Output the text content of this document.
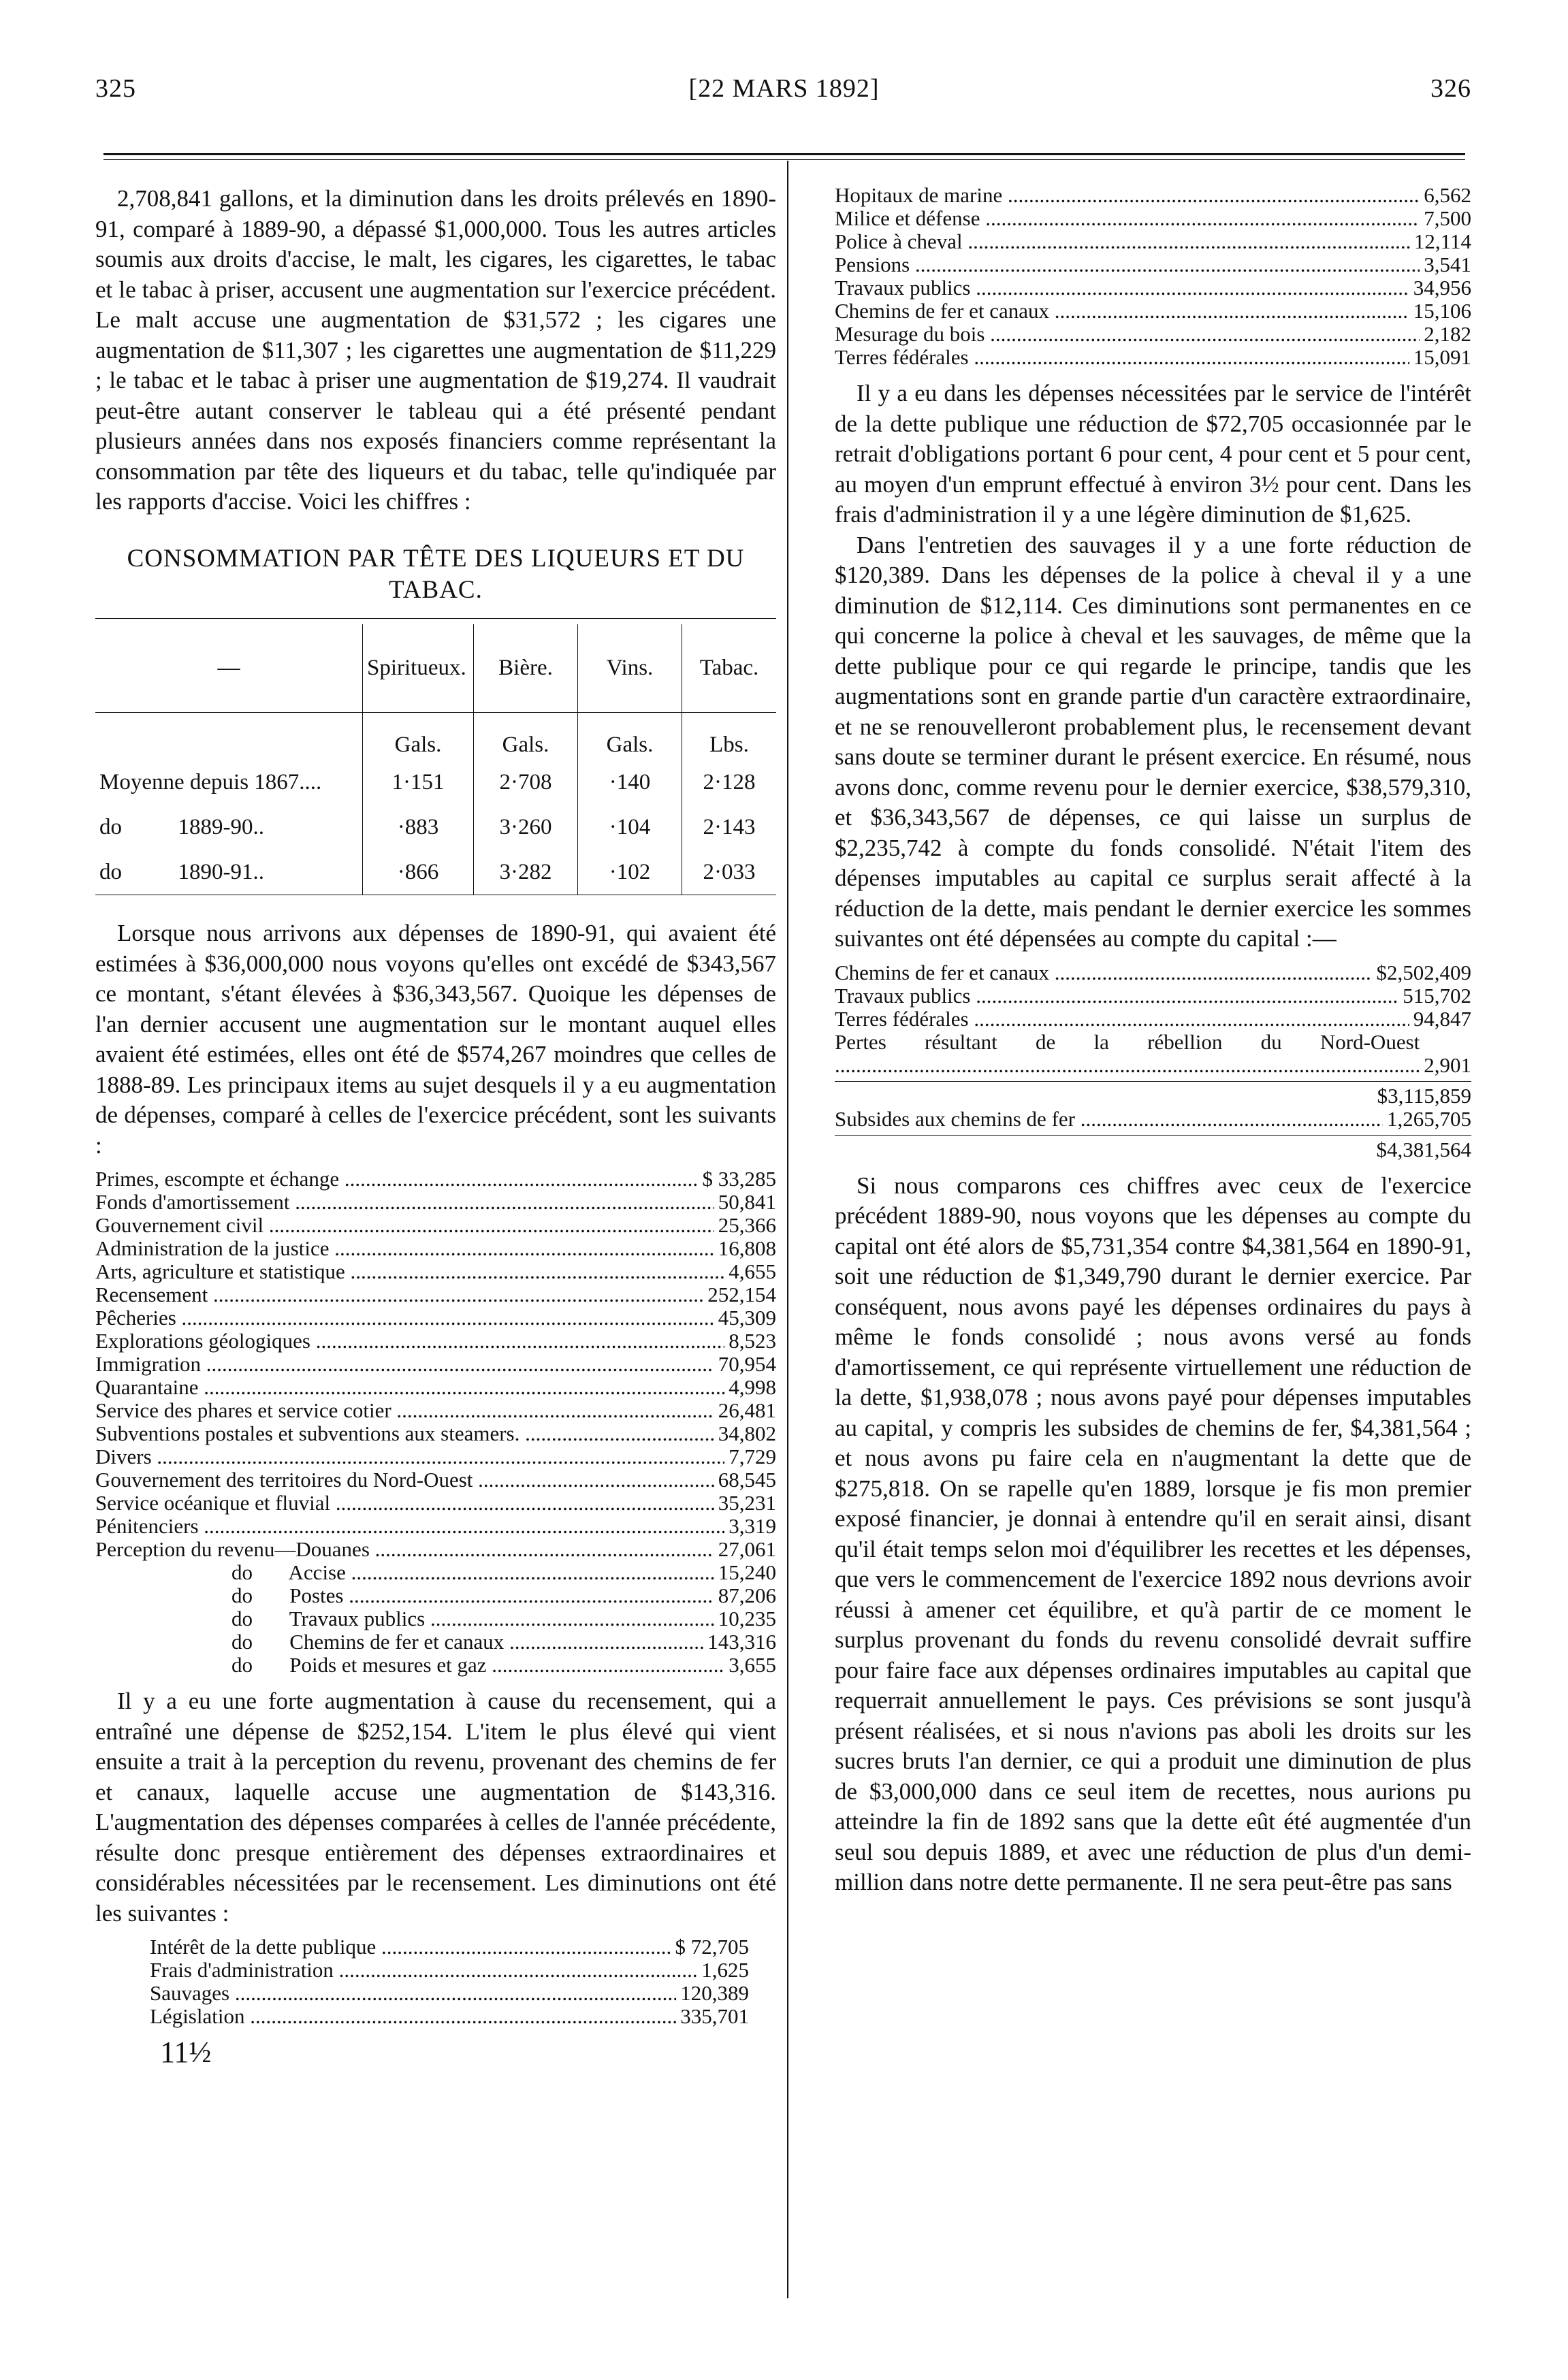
325	[22 MARS 1892]	326

2,708,841 gallons, et la diminution dans les droits prélevés en 1890-91, comparé à 1889-90, a dépassé $1,000,000. Tous les autres articles soumis aux droits d'accise, le malt, les cigares, les cigarettes, le tabac et le tabac à priser, accusent une augmentation sur l'exercice précédent. Le malt accuse une augmentation de $31,572 ; les cigares une augmentation de $11,307 ; les cigarettes une augmentation de $11,229 ; le tabac et le tabac à priser une augmentation de $19,274. Il vaudrait peut-être autant conserver le tableau qui a été présenté pendant plusieurs années dans nos exposés financiers comme représentant la consommation par tête des liqueurs et du tabac, telle qu'indiquée par les rapports d'accise. Voici les chiffres :

CONSOMMATION PAR TÊTE DES LIQUEURS ET DU TABAC.
—	Spiritueux.	Bière.	Vins.	Tabac.
	Gals.	Gals.	Gals.	Lbs.
Moyenne depuis 1867....	1·151	2·708	·140	2·128
do          1889-90..	·883	3·260	·104	2·143
do          1890-91..	·866	3·282	·102	2·033

Lorsque nous arrivons aux dépenses de 1890-91, qui avaient été estimées à $36,000,000 nous voyons qu'elles ont excédé de $343,567 ce montant, s'étant élevées à $36,343,567. Quoique les dépenses de l'an dernier accusent une augmentation sur le montant auquel elles avaient été estimées, elles ont été de $574,267 moindres que celles de 1888-89. Les principaux items au sujet desquels il y a eu augmentation de dépenses, comparé à celles de l'exercice précédent, sont les suivants :

Primes, escompte et échange .....	$ 33,285
Fonds d'amortissement .....	50,841
Gouvernement civil .....	25,366
Administration de la justice .....	16,808
Arts, agriculture et statistique .....	4,655
Recensement .....	252,154
Pêcheries .....	45,309
Explorations géologiques .....	8,523
Immigration .....	70,954
Quarantaine .....	4,998
Service des phares et service cotier .....	26,481
Subventions postales et subventions aux steamers. .....	34,802
Divers .....	7,729
Gouvernement des territoires du Nord-Ouest .....	68,545
Service océanique et fluvial .....	35,231
Pénitenciers .....	3,319
Perception du revenu—Douanes .....	27,061
do       Accise .....	15,240
do       Postes .....	87,206
do       Travaux publics .....	10,235
do       Chemins de fer et canaux .....	143,316
do       Poids et mesures et gaz .....	3,655

Il y a eu une forte augmentation à cause du recensement, qui a entraîné une dépense de $252,154. L'item le plus élevé qui vient ensuite a trait à la perception du revenu, provenant des chemins de fer et canaux, laquelle accuse une augmentation de $143,316. L'augmentation des dépenses comparées à celles de l'année précédente, résulte donc presque entièrement des dépenses extraordinaires et considérables nécessitées par le recensement. Les diminutions ont été les suivantes :

Intérêt de la dette publique .....	$ 72,705
Frais d'administration .....	1,625
Sauvages .....	120,389
Législation .....	335,701
11½
Hopitaux de marine .....	6,562
Milice et défense .....	7,500
Police à cheval .....	12,114
Pensions .....	3,541
Travaux publics .....	34,956
Chemins de fer et canaux .....	15,106
Mesurage du bois .....	2,182
Terres fédérales .....	15,091

Il y a eu dans les dépenses nécessitées par le service de l'intérêt de la dette publique une réduction de $72,705 occasionnée par le retrait d'obligations portant 6 pour cent, 4 pour cent et 5 pour cent, au moyen d'un emprunt effectué à environ 3½ pour cent. Dans les frais d'administration il y a une légère diminution de $1,625.

Dans l'entretien des sauvages il y a une forte réduction de $120,389. Dans les dépenses de la police à cheval il y a une diminution de $12,114. Ces diminutions sont permanentes en ce qui concerne la police à cheval et les sauvages, de même que la dette publique pour ce qui regarde le principe, tandis que les augmentations sont en grande partie d'un caractère extraordinaire, et ne se renouvelleront probablement plus, le recensement devant sans doute se terminer durant le présent exercice. En résumé, nous avons donc, comme revenu pour le dernier exercice, $38,579,310, et $36,343,567 de dépenses, ce qui laisse un surplus de $2,235,742 à compte du fonds consolidé. N'était l'item des dépenses imputables au capital ce surplus serait affecté à la réduction de la dette, mais pendant le dernier exercice les sommes suivantes ont été dépensées au compte du capital :—

Chemins de fer et canaux .....	$2,502,409
Travaux publics .....	515,702
Terres fédérales .....	94,847
Pertes résultant de la rébellion du Nord-Ouest .....
2,901
$3,115,859
Subsides aux chemins de fer .....	1,265,705
$4,381,564

Si nous comparons ces chiffres avec ceux de l'exercice précédent 1889-90, nous voyons que les dépenses au compte du capital ont été alors de $5,731,354 contre $4,381,564 en 1890-91, soit une réduction de $1,349,790 durant le dernier exercice. Par conséquent, nous avons payé les dépenses ordinaires du pays à même le fonds consolidé ; nous avons versé au fonds d'amortissement, ce qui représente virtuellement une réduction de la dette, $1,938,078 ; nous avons payé pour dépenses imputables au capital, y compris les subsides de chemins de fer, $4,381,564 ; et nous avons pu faire cela en n'augmentant la dette que de $275,818. On se rapelle qu'en 1889, lorsque je fis mon premier exposé financier, je donnai à entendre qu'il en serait ainsi, disant qu'il était temps selon moi d'équilibrer les recettes et les dépenses, que vers le commencement de l'exercice 1892 nous devrions avoir réussi à amener cet équilibre, et qu'à partir de ce moment le surplus provenant du fonds du revenu consolidé devrait suffire pour faire face aux dépenses ordinaires imputables au capital que requerrait annuellement le pays. Ces prévisions se sont jusqu'à présent réalisées, et si nous n'avions pas aboli les droits sur les sucres bruts l'an dernier, ce qui a produit une diminution de plus de $3,000,000 dans ce seul item de recettes, nous aurions pu atteindre la fin de 1892 sans que la dette eût été augmentée d'un seul sou depuis 1889, et avec une réduction de plus d'un demi-million dans notre dette permanente. Il ne sera peut-être pas sans
